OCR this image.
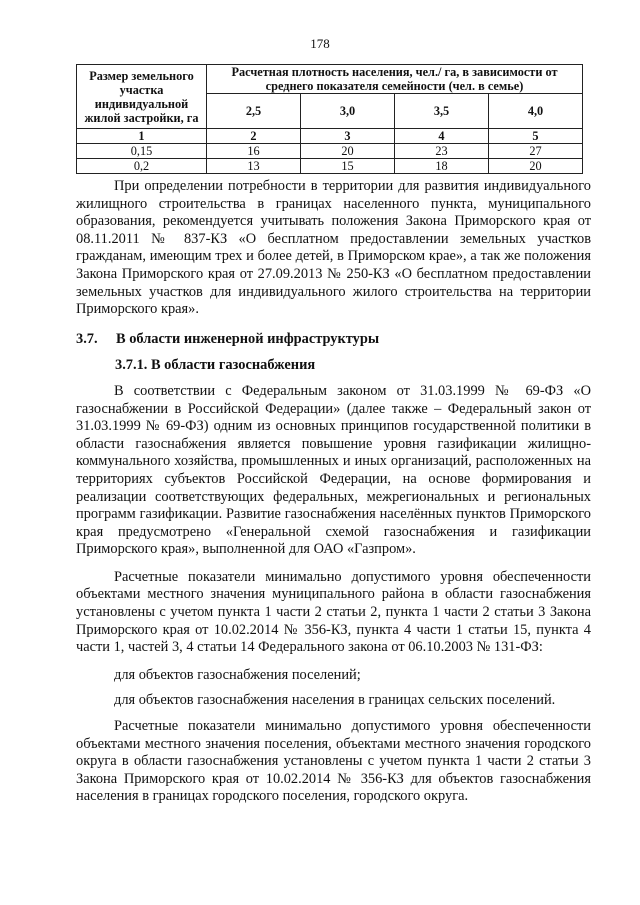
178
Размер земельного участка индивидуальной жилой застройки, га	Расчетная плотность населения, чел./ га, в зависимости от среднего показателя семейности (чел. в семье)			
	2,5	3,0	3,5	4,0
1	2	3	4	5
0,15	16	20	23	27
0,2	13	15	18	20

При определении потребности в территории для развития индивидуального жилищного строительства в границах населенного пункта, муниципального образования, рекомендуется учитывать положения Закона Приморского края от 08.11.2011 № 837-КЗ «О бесплатном предоставлении земельных участков гражданам, имеющим трех и более детей, в Приморском крае», а так же положения Закона Приморского края от 27.09.2013 № 250-КЗ «О бесплатном предоставлении земельных участков для индивидуального жилого строительства на территории Приморского края».

3.7.	В области инженерной инфраструктуры
3.7.1. В области газоснабжения

В соответствии с Федеральным законом от 31.03.1999 № 69-ФЗ «О газоснабжении в Российской Федерации» (далее также – Федеральный закон от 31.03.1999 № 69-ФЗ) одним из основных принципов государственной политики в области газоснабжения является повышение уровня газификации жилищно-коммунального хозяйства, промышленных и иных организаций, расположенных на территориях субъектов Российской Федерации, на основе формирования и реализации соответствующих федеральных, межрегиональных и региональных программ газификации. Развитие газоснабжения населённых пунктов Приморского края предусмотрено «Генеральной схемой газоснабжения и газификации Приморского края», выполненной для ОАО «Газпром».

Расчетные показатели минимально допустимого уровня обеспеченности объектами местного значения муниципального района в области газоснабжения установлены с учетом пункта 1 части 2 статьи 2, пункта 1 части 2 статьи 3 Закона Приморского края от 10.02.2014 № 356-КЗ, пункта 4 части 1 статьи 15, пункта 4 части 1, частей 3, 4 статьи 14 Федерального закона от 06.10.2003 № 131-ФЗ:

для объектов газоснабжения поселений;

для объектов газоснабжения населения в границах сельских поселений.

Расчетные показатели минимально допустимого уровня обеспеченности объектами местного значения поселения, объектами местного значения городского округа в области газоснабжения установлены с учетом пункта 1 части 2 статьи 3 Закона Приморского края от 10.02.2014 № 356-КЗ для объектов газоснабжения населения в границах городского поселения, городского округа.
